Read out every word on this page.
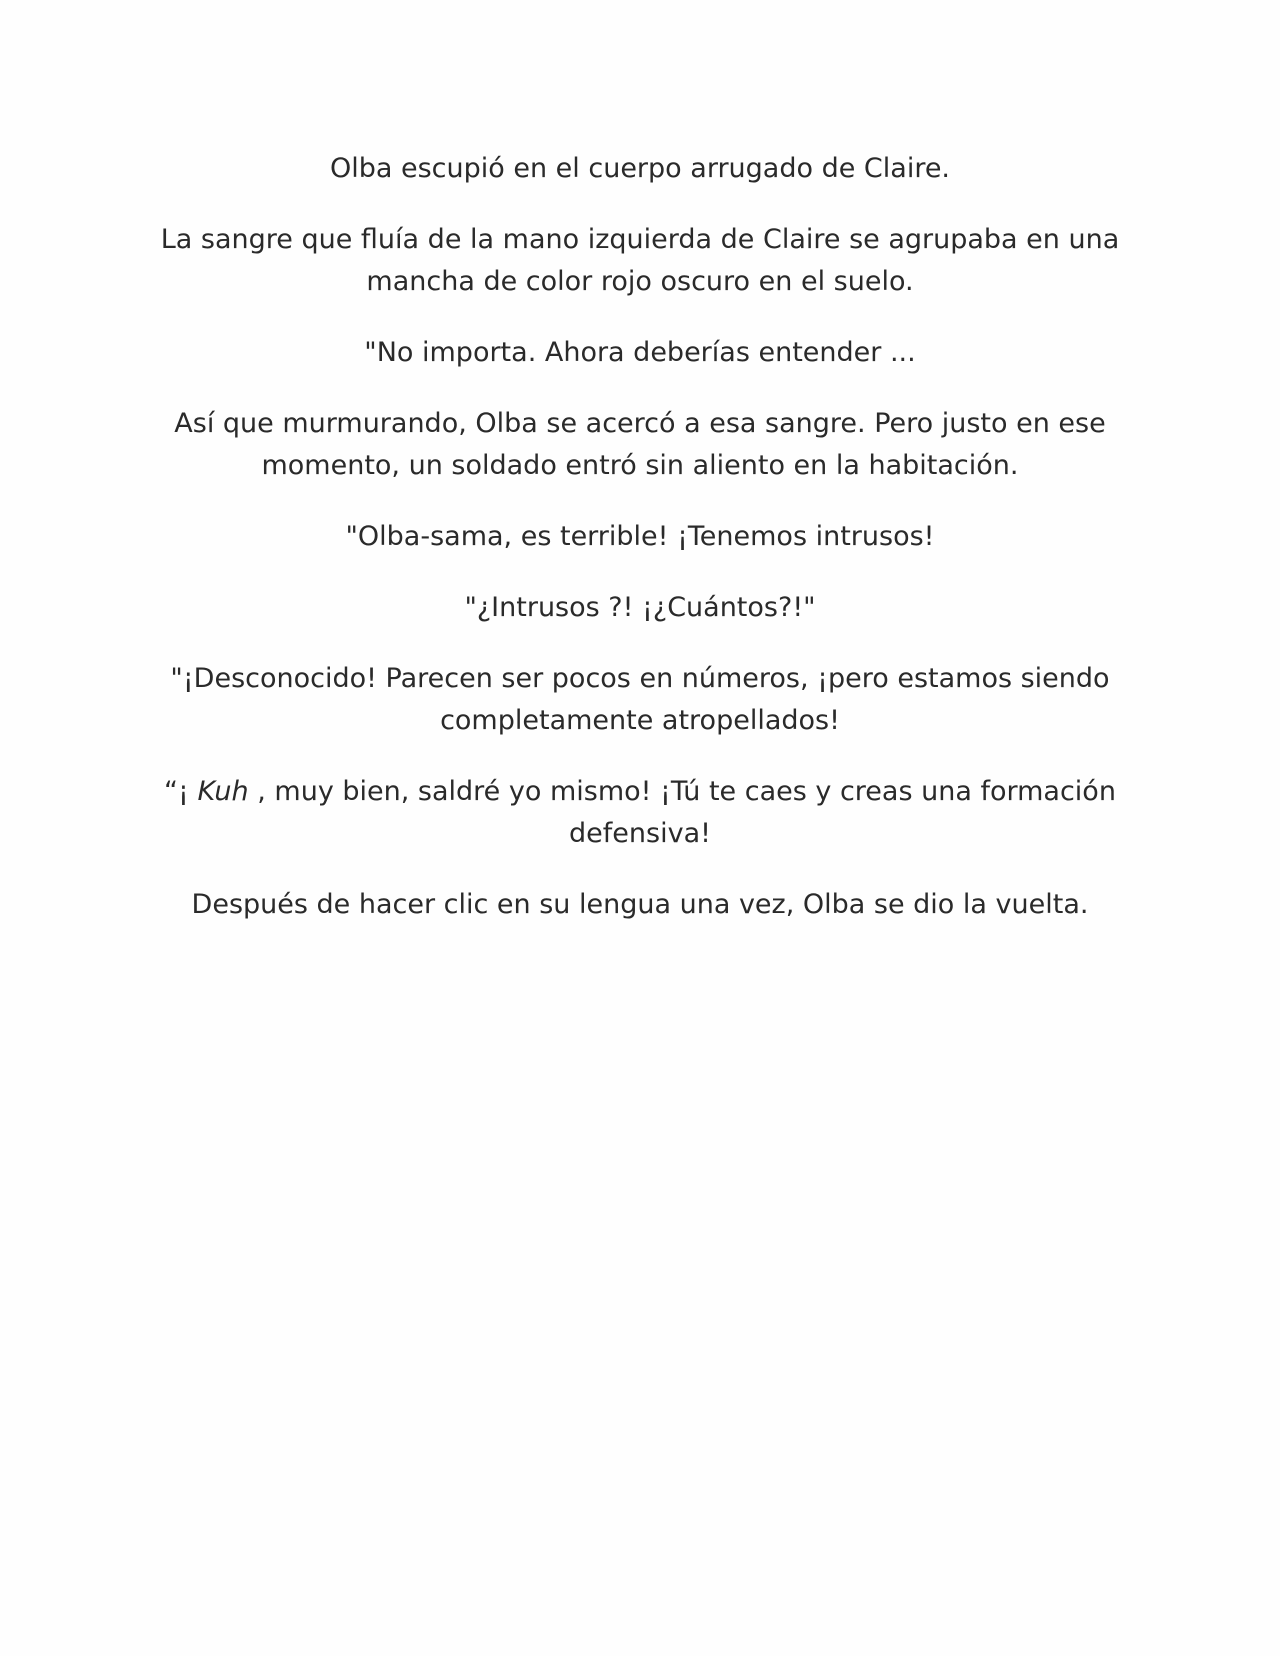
Olba escupió en el cuerpo arrugado de Claire.

La sangre que fluía de la mano izquierda de Claire se agrupaba en una mancha de color rojo oscuro en el suelo.

"No importa. Ahora deberías entender ...

Así que murmurando, Olba se acercó a esa sangre. Pero justo en ese momento, un soldado entró sin aliento en la habitación.

"Olba-sama, es terrible! ¡Tenemos intrusos!

"¿Intrusos ?! ¡¿Cuántos?!"

"¡Desconocido! Parecen ser pocos en números, ¡pero estamos siendo completamente atropellados!

“¡ Kuh , muy bien, saldré yo mismo! ¡Tú te caes y creas una formación defensiva!

Después de hacer clic en su lengua una vez, Olba se dio la vuelta.
